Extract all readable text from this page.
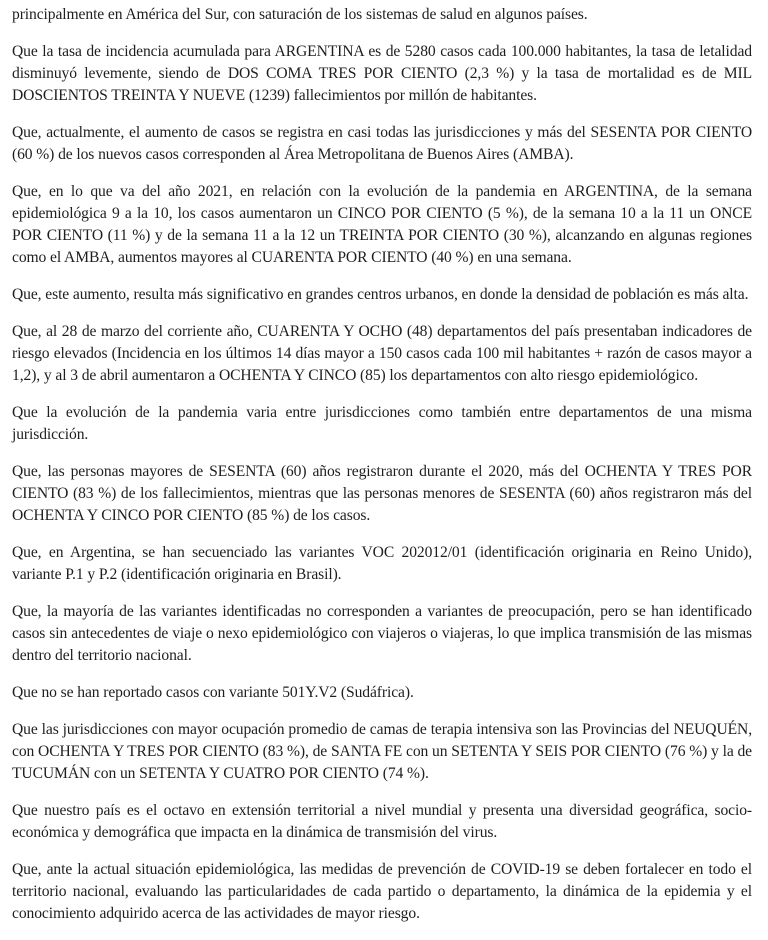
principalmente en América del Sur, con saturación de los sistemas de salud en algunos países.

Que la tasa de incidencia acumulada para ARGENTINA es de 5280 casos cada 100.000 habitantes, la tasa de letalidad disminuyó levemente, siendo de DOS COMA TRES POR CIENTO (2,3 %) y la tasa de mortalidad es de MIL DOSCIENTOS TREINTA Y NUEVE (1239) fallecimientos por millón de habitantes.

Que, actualmente, el aumento de casos se registra en casi todas las jurisdicciones y más del SESENTA POR CIENTO (60 %) de los nuevos casos corresponden al Área Metropolitana de Buenos Aires (AMBA).

Que, en lo que va del año 2021, en relación con la evolución de la pandemia en ARGENTINA, de la semana epidemiológica 9 a la 10, los casos aumentaron un CINCO POR CIENTO (5 %), de la semana 10 a la 11 un ONCE POR CIENTO (11 %) y de la semana 11 a la 12 un TREINTA POR CIENTO (30 %), alcanzando en algunas regiones como el AMBA, aumentos mayores al CUARENTA POR CIENTO (40 %) en una semana.

Que, este aumento, resulta más significativo en grandes centros urbanos, en donde la densidad de población es más alta.

Que, al 28 de marzo del corriente año, CUARENTA Y OCHO (48) departamentos del país presentaban indicadores de riesgo elevados (Incidencia en los últimos 14 días mayor a 150 casos cada 100 mil habitantes + razón de casos mayor a 1,2), y al 3 de abril aumentaron a OCHENTA Y CINCO (85) los departamentos con alto riesgo epidemiológico.

Que la evolución de la pandemia varia entre jurisdicciones como también entre departamentos de una misma jurisdicción.

Que, las personas mayores de SESENTA (60) años registraron durante el 2020, más del OCHENTA Y TRES POR CIENTO (83 %) de los fallecimientos, mientras que las personas menores de SESENTA (60) años registraron más del OCHENTA Y CINCO POR CIENTO (85 %) de los casos.

Que, en Argentina, se han secuenciado las variantes VOC 202012/01 (identificación originaria en Reino Unido), variante P.1 y P.2 (identificación originaria en Brasil).

Que, la mayoría de las variantes identificadas no corresponden a variantes de preocupación, pero se han identificado casos sin antecedentes de viaje o nexo epidemiológico con viajeros o viajeras, lo que implica transmisión de las mismas dentro del territorio nacional.

Que no se han reportado casos con variante 501Y.V2 (Sudáfrica).

Que las jurisdicciones con mayor ocupación promedio de camas de terapia intensiva son las Provincias del NEUQUÉN, con OCHENTA Y TRES POR CIENTO (83 %), de SANTA FE con un SETENTA Y SEIS POR CIENTO (76 %) y la de TUCUMÁN con un SETENTA Y CUATRO POR CIENTO (74 %).

Que nuestro país es el octavo en extensión territorial a nivel mundial y presenta una diversidad geográfica, socio-económica y demográfica que impacta en la dinámica de transmisión del virus.

Que, ante la actual situación epidemiológica, las medidas de prevención de COVID-19 se deben fortalecer en todo el territorio nacional, evaluando las particularidades de cada partido o departamento, la dinámica de la epidemia y el conocimiento adquirido acerca de las actividades de mayor riesgo.
